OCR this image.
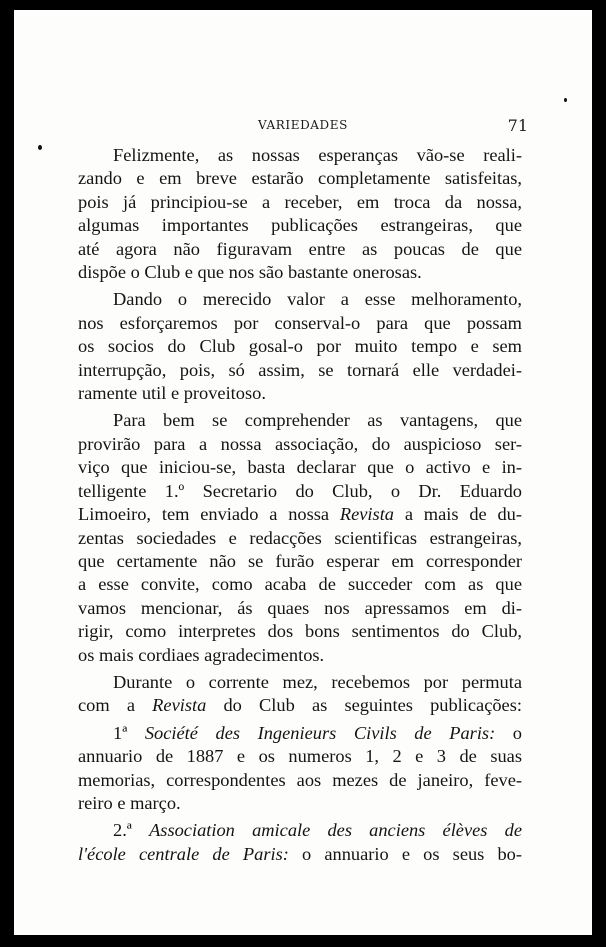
VARIEDADES	71

Felizmente, as nossas esperanças vão-se reali-
zando e em breve estarão completamente satisfeitas,
pois já principiou-se a receber, em troca da nossa,
algumas importantes publicações estrangeiras, que
até agora não figuravam entre as poucas de que
dispõe o Club e que nos são bastante onerosas.

Dando o merecido valor a esse melhoramento,
nos esforçaremos por conserval-o para que possam
os socios do Club gosal-o por muito tempo e sem
interrupção, pois, só assim, se tornará elle verdadei-
ramente util e proveitoso.

Para bem se comprehender as vantagens, que
provirão para a nossa associação, do auspicioso ser-
viço que iniciou-se, basta declarar que o activo e in-
telligente 1.º Secretario do Club, o Dr. Eduardo
Limoeiro, tem enviado a nossa Revista a mais de du-
zentas sociedades e redacções scientificas estrangeiras,
que certamente não se furão esperar em corresponder
a esse convite, como acaba de succeder com as que
vamos mencionar, ás quaes nos apressamos em di-
rigir, como interpretes dos bons sentimentos do Club,
os mais cordiaes agradecimentos.

Durante o corrente mez, recebemos por permuta
com a Revista do Club as seguintes publicações:

1ª Société des Ingenieurs Civils de Paris: o
annuario de 1887 e os numeros 1, 2 e 3 de suas
memorias, correspondentes aos mezes de janeiro, feve-
reiro e março.

2.ª Association amicale des anciens élèves de
l'école centrale de Paris: o annuario e os seus bo-
